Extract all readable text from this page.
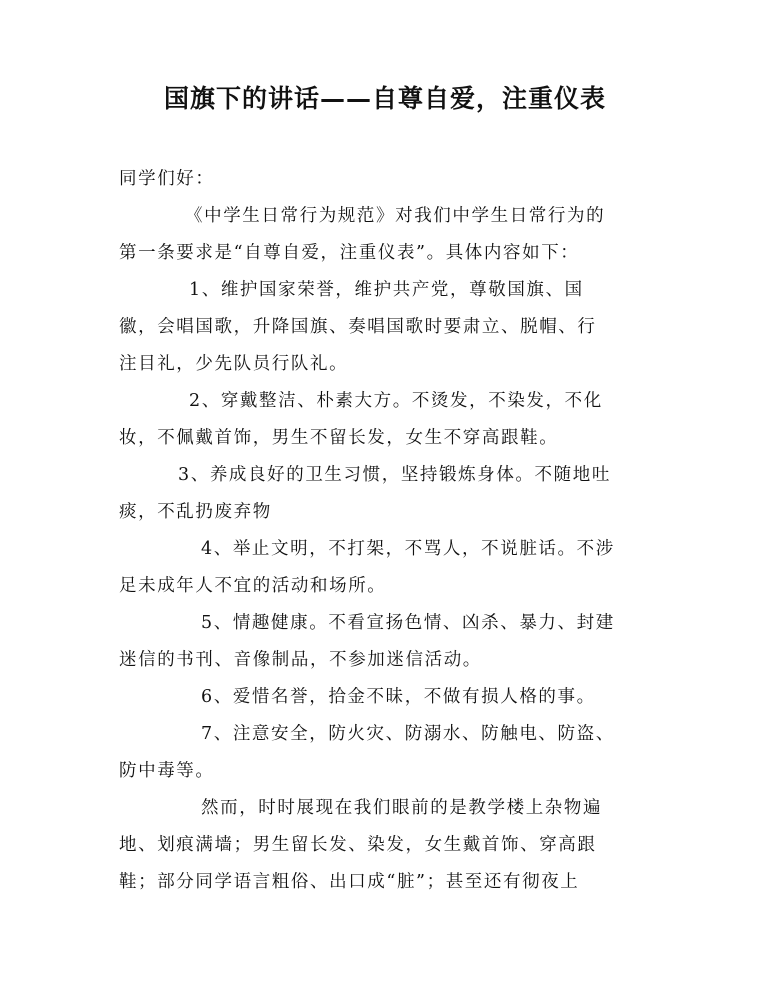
国旗下的讲话——自尊自爱，注重仪表
同学们好：
《中学生日常行为规范》对我们中学生日常行为的
第一条要求是“自尊自爱，注重仪表”。具体内容如下：
1、维护国家荣誉，维护共产党，尊敬国旗、国
徽，会唱国歌，升降国旗、奏唱国歌时要肃立、脱帽、行
注目礼，少先队员行队礼。
2、穿戴整洁、朴素大方。不烫发，不染发，不化
妆，不佩戴首饰，男生不留长发，女生不穿高跟鞋。
3、养成良好的卫生习惯，坚持锻炼身体。不随地吐
痰，不乱扔废弃物
4、举止文明，不打架，不骂人，不说脏话。不涉
足未成年人不宜的活动和场所。
5、情趣健康。不看宣扬色情、凶杀、暴力、封建
迷信的书刊、音像制品，不参加迷信活动。
6、爱惜名誉，拾金不昧，不做有损人格的事。
7、注意安全，防火灾、防溺水、防触电、防盗、
防中毒等。
然而，时时展现在我们眼前的是教学楼上杂物遍
地、划痕满墙；男生留长发、染发，女生戴首饰、穿高跟
鞋；部分同学语言粗俗、出口成“脏”；甚至还有彻夜上
